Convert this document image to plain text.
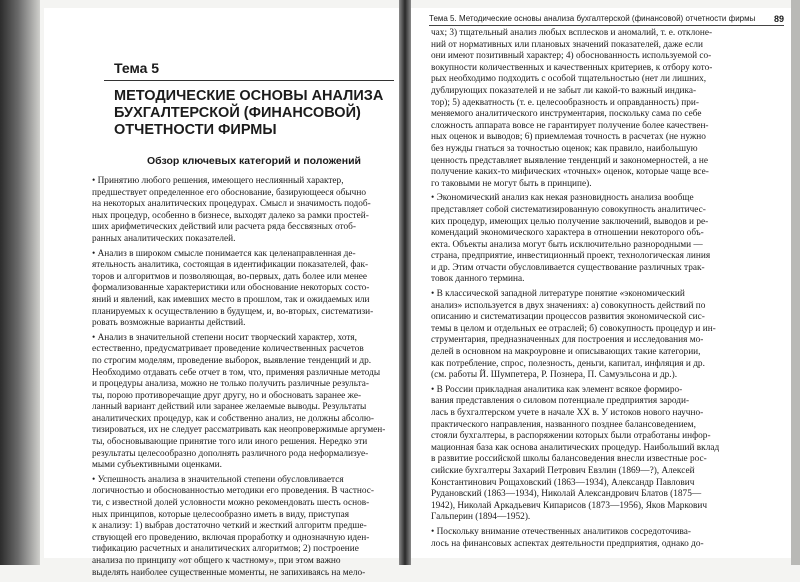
Тема 5
МЕТОДИЧЕСКИЕ ОСНОВЫ АНАЛИЗА
БУХГАЛТЕРСКОЙ (ФИНАНСОВОЙ)
ОТЧЕТНОСТИ ФИРМЫ
Обзор ключевых категорий и положений
• Принятию любого решения, имеющего неслиянный характер,
предшествует определенное его обоснование, базирующееся обычно
на некоторых аналитических процедурах. Смысл и значимость подоб-
ных процедур, особенно в бизнесе, выходят далеко за рамки простей-
ших арифметических действий или расчета ряда бессвязных отоб-
ранных аналитических показателей.
• Анализ в широком смысле понимается как целенаправленная де-
ятельность аналитика, состоящая в идентификации показателей, фак-
торов и алгоритмов и позволяющая, во-первых, дать более или менее
формализованные характеристики или обоснование некоторых состо-
яний и явлений, как имевших место в прошлом, так и ожидаемых или
планируемых к осуществлению в будущем, и, во-вторых, систематизи-
ровать возможные варианты действий.
• Анализ в значительной степени носит творческий характер, хотя,
естественно, предусматривает проведение количественных расчетов
по строгим моделям, проведение выборок, выявление тенденций и др.
Необходимо отдавать себе отчет в том, что, применяя различные методы
и процедуры анализа, можно не только получить различные результа-
ты, порою противоречащие друг другу, но и обосновать заранее же-
ланный вариант действий или заранее желаемые выводы. Результаты
аналитических процедур, как и собственно анализ, не должны абсолю-
тизироваться, их не следует рассматривать как неопровержимые аргумен-
ты, обосновывающие принятие того или иного решения. Нередко эти
результаты целесообразно дополнять различного рода неформализуе-
мыми субъективными оценками.
• Успешность анализа в значительной степени обусловливается
логичностью и обоснованностью методики его проведения. В частнос-
ти, с известной долей условности можно рекомендовать шесть основ-
ных принципов, которые целесообразно иметь в виду, приступая
к анализу: 1) выбрав достаточно четкий и жесткий алгоритм предше-
ствующей его проведению, включая проработку и однозначную иден-
тификацию расчетных и аналитических алгоритмов; 2) построение
анализа по принципу «от общего к частному», при этом важно
выделять наиболее существенные моменты, не запихиваясь на мело-
Тема 5. Методические основы анализа бухгалтерской (финансовой) отчетности фирмы 89
чах; 3) тщательный анализ любых всплесков и аномалий, т. е. отклоне-
ний от нормативных или плановых значений показателей, даже если
они имеют позитивный характер; 4) обоснованность используемой со-
вокупности количественных и качественных критериев, к отбору кото-
рых необходимо подходить с особой тщательностью (нет ли лишних,
дублирующих показателей и не забыт ли какой-то важный индика-
тор); 5) адекватность (т. е. целесообразность и оправданность) при-
меняемого аналитического инструментария, поскольку сама по себе
сложность аппарата вовсе не гарантирует получение более качествен-
ных оценок и выводов; 6) приемлемая точность в расчетах (не нужно
без нужды гнаться за точностью оценок; как правило, наибольшую
ценность представляет выявление тенденций и закономерностей, а не
получение каких-то мифических «точных» оценок, которые чаще все-
го таковыми не могут быть в принципе).
• Экономический анализ как некая разновидность анализа вообще
представляет собой систематизированную совокупность аналитичес-
ких процедур, имеющих целью получение заключений, выводов и ре-
комендаций экономического характера в отношении некоторого объ-
екта. Объекты анализа могут быть исключительно разнородными —
страна, предприятие, инвестиционный проект, технологическая линия
и др. Этим отчасти обусловливается существование различных трак-
товок данного термина.
• В классической западной литературе понятие «экономический
анализ» используется в двух значениях: а) совокупность действий по
описанию и систематизации процессов развития экономической сис-
темы в целом и отдельных ее отраслей; б) совокупность процедур и ин-
струментария, предназначенных для построения и исследования мо-
делей в основном на макроуровне и описывающих такие категории,
как потребление, спрос, полезность, деньги, капитал, инфляция и др.
(см. работы Й. Шумпетера, Р. Познера, П. Самуэльсона и др.).
• В России прикладная аналитика как элемент всякое формиро-
вания представления о силовом потенциале предприятия зароди-
лась в бухгалтерском учете в начале XX в. У истоков нового научно-
практического направления, названного позднее балансоведением,
стояли бухгалтеры, в распоряжении которых были отработаны инфор-
мационная база как основа аналитических процедур. Наибольший вклад
в развитие российской школы балансоведения внесли известные рос-
сийские бухгалтеры Захарий Петрович Евзлин (1869—?), Алексей
Константинович Рощаховский (1863—1934), Александр Павлович
Рудановский (1863—1934), Николай Александрович Блатов (1875—
1942), Николай Аркадьевич Кипарисов (1873—1956), Яков Маркович
Гальперин (1894—1952).
• Поскольку внимание отечественных аналитиков сосредоточива-
лось на финансовых аспектах деятельности предприятия, однако до-
